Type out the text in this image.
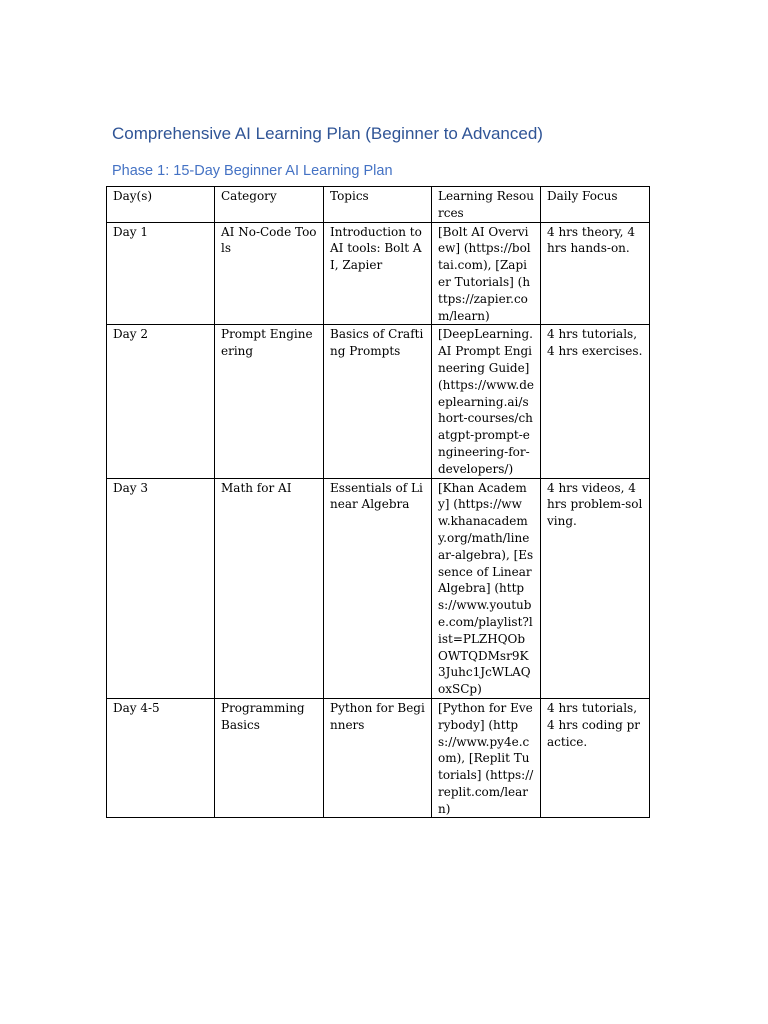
Comprehensive AI Learning Plan (Beginner to Advanced)
Phase 1: 15-Day Beginner AI Learning Plan
Day(s)	Category	Topics	Learning Resources	Daily Focus
Day 1	AI No-Code Tools	Introduction to AI tools: Bolt AI, Zapier	[Bolt AI Overview] (https://boltai.com), [Zapier Tutorials] (https://zapier.com/learn)	4 hrs theory, 4 hrs hands-on.
Day 2	Prompt Engineering	Basics of Crafting Prompts	[DeepLearning.AI Prompt Engineering Guide] (https://www.deeplearning.ai/short-courses/chatgpt-prompt-engineering-for-developers/)	4 hrs tutorials, 4 hrs exercises.
Day 3	Math for AI	Essentials of Linear Algebra	[Khan Academy] (https://www.khanacademy.org/math/linear-algebra), [Essence of Linear Algebra] (https://www.youtube.com/playlist?list=PLZHQObOWTQDMsr9K3Juhc1JcWLAQoxSCp)	4 hrs videos, 4 hrs problem-solving.
Day 4-5	Programming Basics	Python for Beginners	[Python for Everybody] (https://www.py4e.com), [Replit Tutorials] (https://replit.com/learn)	4 hrs tutorials, 4 hrs coding practice.
